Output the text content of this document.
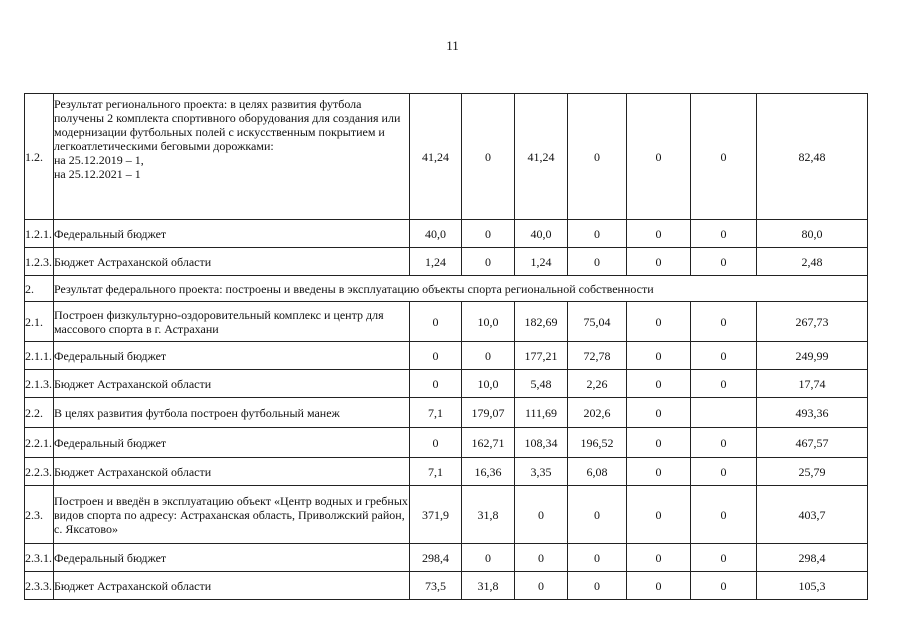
11
1.2.	Результат регионального проекта: в целях развития футбола получены 2 комплекта спортивного оборудования для создания или модернизации футбольных полей с искусственным покрытием и легкоатлетическими беговыми дорожками:
на 25.12.2019 – 1,
на 25.12.2021 – 1	41,24	0	41,24	0	0	0	82,48
1.2.1.	Федеральный бюджет	40,0	0	40,0	0	0	0	80,0
1.2.3.	Бюджет Астраханской области	1,24	0	1,24	0	0	0	2,48
2.	Результат федерального проекта: построены и введены в эксплуатацию объекты спорта региональной собственности							
2.1.	Построен физкультурно-оздоровительный комплекс и центр для массового спорта в г. Астрахани	0	10,0	182,69	75,04	0	0	267,73
2.1.1.	Федеральный бюджет	0	0	177,21	72,78	0	0	249,99
2.1.3.	Бюджет Астраханской области	0	10,0	5,48	2,26	0	0	17,74
2.2.	В целях развития футбола построен футбольный манеж	7,1	179,07	111,69	202,6	0		493,36
2.2.1.	Федеральный бюджет	0	162,71	108,34	196,52	0	0	467,57
2.2.3.	Бюджет Астраханской области	7,1	16,36	3,35	6,08	0	0	25,79
2.3.	Построен и введён в эксплуатацию объект «Центр водных и гребных видов спорта по адресу: Астраханская область, Приволжский район, с. Яксатово»	371,9	31,8	0	0	0	0	403,7
2.3.1.	Федеральный бюджет	298,4	0	0	0	0	0	298,4
2.3.3.	Бюджет Астраханской области	73,5	31,8	0	0	0	0	105,3
